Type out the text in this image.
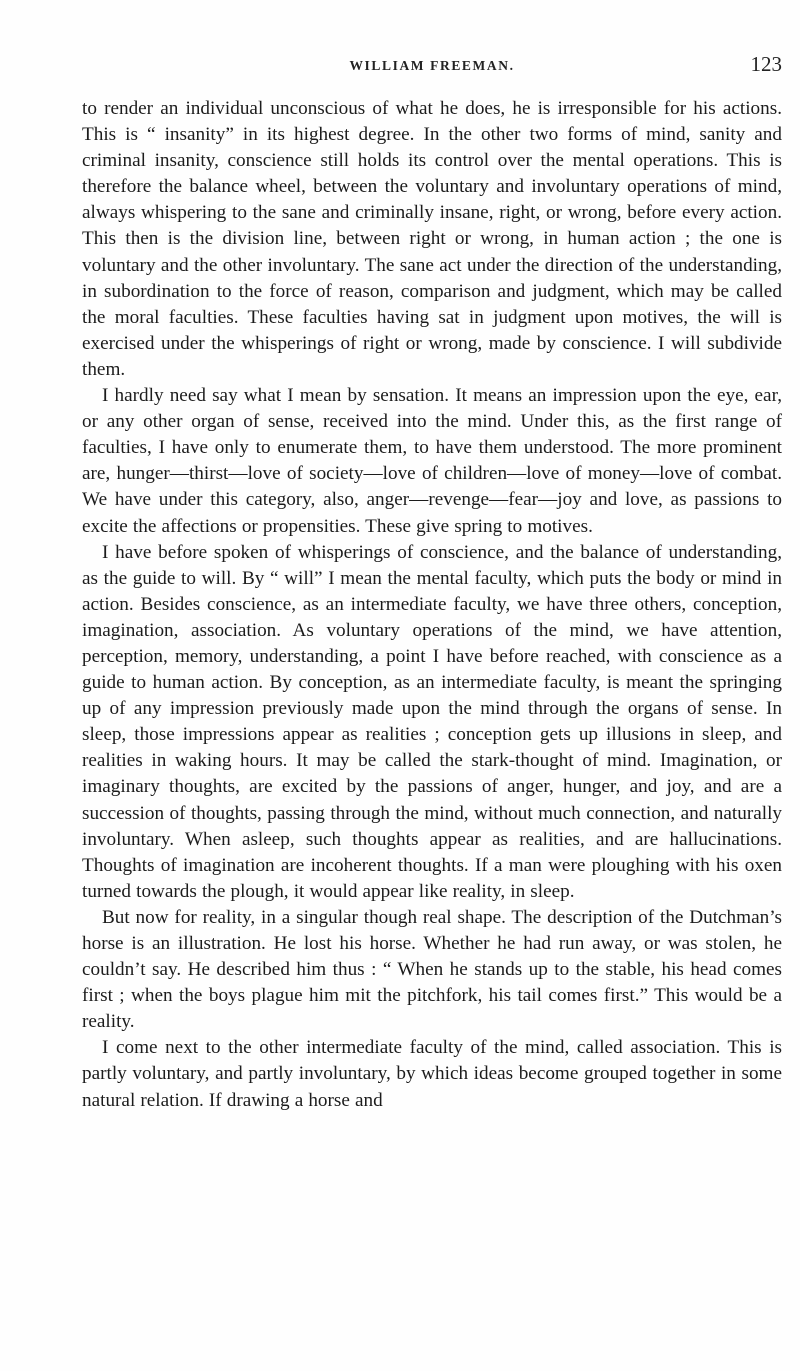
WILLIAM FREEMAN.	123

to render an individual unconscious of what he does, he is irresponsible for his actions. This is “ insanity” in its highest degree. In the other two forms of mind, sanity and criminal insanity, conscience still holds its control over the mental operations. This is therefore the balance wheel, between the voluntary and involuntary operations of mind, always whispering to the sane and criminally insane, right, or wrong, before every action. This then is the division line, between right or wrong, in human action ; the one is voluntary and the other involuntary. The sane act under the direction of the understanding, in subordination to the force of reason, comparison and judgment, which may be called the moral faculties. These faculties having sat in judgment upon motives, the will is exercised under the whisperings of right or wrong, made by conscience. I will subdivide them.

I hardly need say what I mean by sensation. It means an impression upon the eye, ear, or any other organ of sense, received into the mind. Under this, as the first range of faculties, I have only to enumerate them, to have them understood. The more prominent are, hunger—thirst—love of society—love of children—love of money—love of combat. We have under this category, also, anger—revenge—fear—joy and love, as passions to excite the affections or propensities. These give spring to motives.

I have before spoken of whisperings of conscience, and the balance of understanding, as the guide to will. By “ will” I mean the mental faculty, which puts the body or mind in action. Besides conscience, as an intermediate faculty, we have three others, conception, imagination, association. As voluntary operations of the mind, we have attention, perception, memory, understanding, a point I have before reached, with conscience as a guide to human action. By conception, as an intermediate faculty, is meant the springing up of any impression previously made upon the mind through the organs of sense. In sleep, those impressions appear as realities ; conception gets up illusions in sleep, and realities in waking hours. It may be called the stark-thought of mind. Imagination, or imaginary thoughts, are excited by the passions of anger, hunger, and joy, and are a succession of thoughts, passing through the mind, without much connection, and naturally involuntary. When asleep, such thoughts appear as realities, and are hallucinations. Thoughts of imagination are incoherent thoughts. If a man were ploughing with his oxen turned towards the plough, it would appear like reality, in sleep.

But now for reality, in a singular though real shape. The description of the Dutchman’s horse is an illustration. He lost his horse. Whether he had run away, or was stolen, he couldn’t say. He described him thus : “ When he stands up to the stable, his head comes first ; when the boys plague him mit the pitchfork, his tail comes first.” This would be a reality.

I come next to the other intermediate faculty of the mind, called association. This is partly voluntary, and partly involuntary, by which ideas become grouped together in some natural relation. If drawing a horse and
